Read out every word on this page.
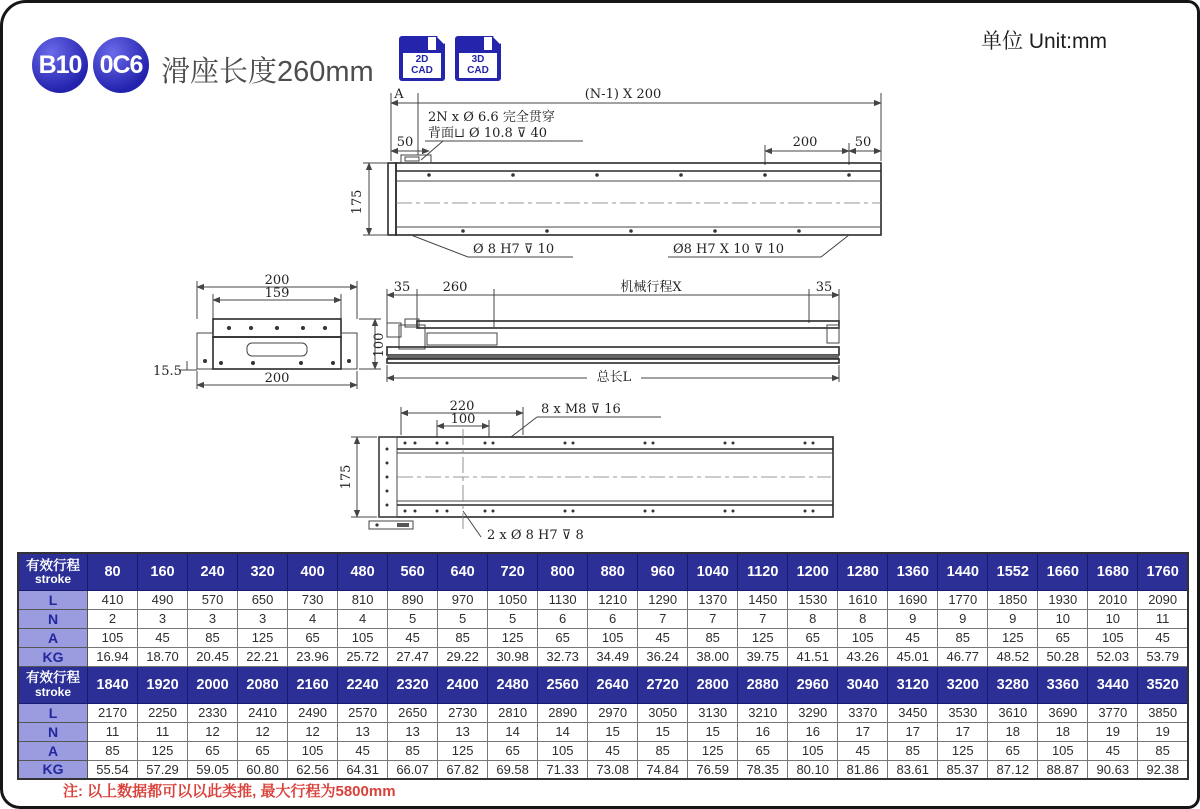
B10 0C6 滑座长度260mm	2D
CAD
3D
CAD
单位 Unit:mm
A	(N-1) X 200
2N x Ø 6.6 完全贯穿
背面⊔ Ø 10.8 ⊽ 40
50	200	50
175
Ø 8 H7 ⊽ 10	Ø8 H7 X 10 ⊽ 10
200
159
100
15.5	200
35 260	机械行程X	35
总长L
220
100
8 x M8 ⊽ 16
175
2 x Ø 8 H7 ⊽ 8
有效行程
stroke	80	160	240	320	400	480	560	640	720	800	880	960	1040	1120	1200	1280	1360	1440	1552	1660	1680	1760
L	410	490	570	650	730	810	890	970	1050	1130	1210	1290	1370	1450	1530	1610	1690	1770	1850	1930	2010	2090
N	2	3	3	3	4	4	5	5	5	6	6	7	7	7	8	8	9	9	9	10	10	11
A	105	45	85	125	65	105	45	85	125	65	105	45	85	125	65	105	45	85	125	65	105	45
KG	16.94	18.70	20.45	22.21	23.96	25.72	27.47	29.22	30.98	32.73	34.49	36.24	38.00	39.75	41.51	43.26	45.01	46.77	48.52	50.28	52.03	53.79

有效行程
stroke	1840	1920	2000	2080	2160	2240	2320	2400	2480	2560	2640	2720	2800	2880	2960	3040	3120	3200	3280	3360	3440	3520
L	2170	2250	2330	2410	2490	2570	2650	2730	2810	2890	2970	3050	3130	3210	3290	3370	3450	3530	3610	3690	3770	3850
N	11	11	12	12	12	13	13	13	14	14	15	15	15	16	16	17	17	17	18	18	19	19
A	85	125	65	65	105	45	85	125	65	105	45	85	125	65	105	45	85	125	65	105	45	85
KG	55.54	57.29	59.05	60.80	62.56	64.31	66.07	67.82	69.58	71.33	73.08	74.84	76.59	78.35	80.10	81.86	83.61	85.37	87.12	88.87	90.63	92.38
注: 以上数据都可以以此类推, 最大行程为5800mm
